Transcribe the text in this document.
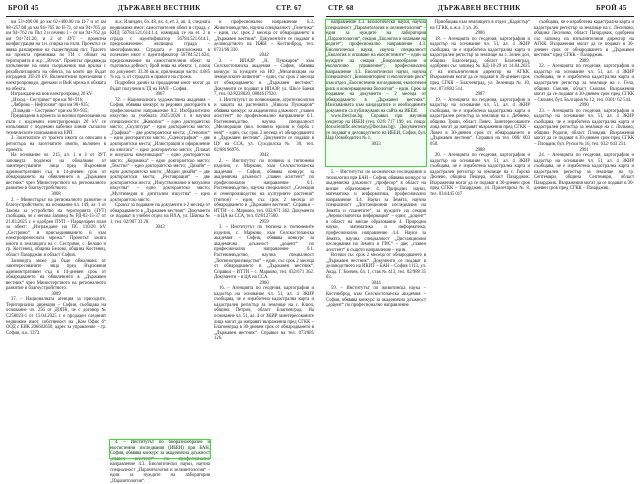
БРОЙ 45	ДЪРЖАВЕН ВЕСТНИК	СТР. 67

км 53+400.00 до км 62+400.00 по II-7 и от км 88+257.68 до км 94+765 по II-71, от км 94+765 до км 94+762 по Път 2 и сечени 1 – от км 94+762 до км 94+741.20, и 2 от ЗУТ – проектна конфигурация на т.н. спирка на пътя. Проектът се явява разширение на съществуващ път. Трасето на проекта преминава по ГИ с обхват на територията в ж.р. „Изток“. Проектът предвижда изпълнение на нови съоръжения във връзка с рехабилитацията на обекта, на които ще бъдат изградени ЗП-20 kV. Включително пресичания с електропроводи, дренажи и ВиК мрежа в обхвата на обекта.

Изграждане на нов електропровод 20 kV.

„Изход – Сестримо“ при км 90+916;

„Ляброво – Нефтохим“ при км 90+935;

„Пловдив – Сестримо“ при км 90+935;

Предвидени в проекта за всички пресичания на пътя с надземни електропроводи 20 kV се изпълняват с подземни кабелни линии съгласно техническите изисквания на ЕРП.

3. Засегнатите от трасето имоти са описани в регистъра на засегнатите имоти, включен в проекта.

На основание чл. 215, ал. 1 и 4 от ЗУТ заповедта подлежи на обжалване от заинтересуваните лица пред Върховния административен съд в 14-дневен срок от обнародването на обявлението в „Държавен вестник“ чрез Министерството на регионалното развитие и благоустройството.

3008

2. – Министърът на регионалното развитие и благоустройството, на основание чл. 149, ал. 1 от Закона за устройство на територията (ЗУТ) съобщава, че с негова Заповед № РД-02-15-37 от 21.03.2025 г. е одобрен ПУП – Парцеларен план за обект: „Изграждане на ПС 110/20 kV „Сестримо“ и присъединяването ѝ към електропреносната мрежа.“ Проектът засяга имоти в землищата на с. Сестримо, с. Белово и гр. Костенец, община Белово, община Костенец, област Пазарджик и област София.

Заповедта може да бъде обжалвана от заинтересованите лица пред Върховния административен съд в 14-дневен срок от обнародването на обявлението в „Държавен вестник“ чрез Министерството на регионалното развитие и благоустройството.

3009

37. – Националната агенция за приходите, Териториална дирекция – София, съобщава на основание чл. 256 от ДОПК, че с договор № С250023-1 от 15.04.2025 г. е продаден следният недвижим имот, собственост на „Ком Офис 6“ ООД с ЕИК 206602650, адрес за управление – гр. София, п.к. 1373.

ж.к. Илинден, бл. 48, вх. 4, ет. 2, ап. 4, следната недвижима имот: самостоятелен обект в сграда, с КИД 56784.521.614.1.4, намиращ се на ет. 2 в сграда с идентификатор 56784.521.614.1, предназначение: жилищна сграда – многофамилна. Сградата е разположена в поземлен имот с идентификатор 56784.521.624; предназначение на самостоятелния обект: за търговска дейност, брой нива на обекта: 1, площ по документ: 33.30 кв.м, прилежащи части: 4.685 % ид. ч. от сградата и правото на строеж.

Подробни данни за продадения имот могат да бъдат получени в ТД на НАП – София.

3007

72. – Националната художествена академия – София, обявява конкурс за редовни докторанти в професионално направление 8.2. Изобразително изкуство за учебната 2025/2026 г. в научни специалности: „Живопис“ – едно докторантско място; „Скулптура“ – едно докторантско място; „Графика“ – две докторантски места; „Стенопис“ – едно докторантско място; „Сценография“ – две докторантски места; „Илюстрация и оформление на книгата“ – едно докторантско място; „Плакат и визуална комуникация“ – едно докторантско място; „Керамика“ – едно докторантско място; „Текстил“ – едно докторантско място; „Дизайн“ – едно докторантско място; „Моден дизайн“ – две докторантски места; „Реставрация“ – две докторантски места; „Изкуствознание и визуални изкуства“ – едно докторантско място; „Мултимедия и дигитални изкуства“ – едно докторантско място.

Срокът за подаване на документи е 2 месеца от обнародването в „Държавен вестник“. Документи се подават в учебен отдел на НХА, ул. Шипка № 1, тел. 02/987 33 28.

3043

4. – Институтът по биоразнообразие и екосистемни изследвания (ИБЕИ) при БАН, София, обявява конкурс за академична длъжност „главен асистент“ по професионално направление 4.3. Биологически науки, научна специалност „Паразитология и хелминтология“ – един за нуждите на лаборатория „Паразитология“.

и професионално направление 6.3. Животновъдство, научна специалност „Генетика“ – един, със срок 2 месеца от обнародването в „Държавен вестник“. Документите се подават в деловодството на ИЖН – Костинброд, тел. 0721/68 330.

2042

2. – ИПАЗР „Н. Пушкаров“ към Селскостопанска академия – София, обявява конкурс за нуждите на НО „Механизация на земеделските животни“ – един, със срок 2 месеца от обнародването в „Държавен вестник“. Документи се подават в ИПАЗР, ул. Шосе Банкя 7, тел. 02/8228020, 0884617920.

1. Институтът по почвознание, агротехнологии и защита на растенията „Никола Пушкаров“ обявява конкурс за академична длъжност „главен асистент“ по професионално направление 6.1. Растениевъдство, научна специалност „Мелиорации (вкл. почвена ерозия и борба с нея)“ – един, със срок 2 месеца от обнародването в „Държавен вестник“. Документи се подават в ЦУ на ССА, ул. Суходолска № 30, тел. 02/88196976.

3042

2. – Институтът по почвена и тютюневи изделия, с. Марково, към Селскостопанска академия – София, обявява конкурс за академична длъжност „главен асистент“ по професионално направление 6.1. Растениевъдство, научна специалност „Селекция и семепроизводство на културните растения“ (тютюн) – един, със срок 2 месеца от обнародването в „Държавен вестник“. Справки – ИТТИ – с. Марково, тел. 032/671 362. Документи – в ЦА на ССА, тел. 02/8127560.

2959

3. – Институтът по тютюна и тютюневите изделия, с. Марково, към Селскостопанска академия – София, обявява конкурс за академична длъжност „доцент“ по професионално направление 6.1. Растениевъдство, научна специалност „Тютюнопроизводство“ – един, със срок 2 месеца от обнародването в „Държавен вестник“. Справки – ИТТИ – с. Марково, тел. 032/671 362. Документи – в ЦА на ССА.

2960

16. – Агенцията по геодезия, картография и кадастър на основание чл. 51, ал. 4 ЗКИР съобщава, че е изработена кадастрална карта и кадастрален регистър за землище на с. Ключ, община Петрич, област Благоевград. На основание чл. 51, ал. 4 от ЗКИР заинтересованите лица могат да направят възражения пред СГКК – Благоевград в 30-дневен срок от обнародването в „Държавен вестник“. Справки на тел. 073/885 126.

СТР. 68	ДЪРЖАВЕН ВЕСТНИК	БРОЙ 45

направление 4.3. Биологически науки, научна специалност „Паразитология и хелминтология“ – един за нуждите на лаборатория „Паразитология“, секция „Екология и опазване на водите“; професионално направление 4.3. Биологически науки, научна специалност „Екология и опазване на екосистемите“ – един за нуждите на секция „Биоразнообразие и екологично управление“; професионално направление 4.3. Биологически науки, научна специалност „Биомониторинг и екологичен риск“ към отдел „Екосистемни изследвания, екологичен риск и консервационна биология“ – един. Срок за подаване на документи – 2 месеца от обнародването в „Държавен вестник“. Изискванията към кандидатите и необходимите документи са публикувани на сайта на ИБЕИ.

www.iber.bas.bg. Справки при научния секретар на ИБЕИ (тел. 02/8 717 190, ел. поща: dor.scientific.secretary@iber.bas.bg). Документите се подават в деловодството на ИБЕИ, София, бул. Цар Освободител № 1.

3033

5. – Институтът по космически изследвания и технологии при БАН – София, обявява конкурс за академична длъжност „професор“ в област на висше образование 4. Природни науки, математика и информатика, професионално направление 4.4. Науки за Земята, научна специалност „Дистанционни изследвания на Земята и планетите“, за нуждите на секция „Аерокосмическа информация“ – един; „доцент“ в област на висше образование 4. Природни науки, математика и информатика, професионално направление 4.4. Науки за Земята, научна специалност „Дистанционни изследвания на Земята и ГИС“ – две; „главен асистент“ в същото направление – един.

Всички със срок 2 месеца от обнародването в „Държавен вестник“. Документи се подават в деловодството на ИКИТ – БАН – София 1113, ул. Акад. Г. Бончев, бл. 1, стая № 413, тел. 02/988 35 03.

3044

59. – Институтът по животинска наука – Костинброд, към Селскостопанска академия – София, обявява конкурс за академична длъжност „доцент“ по професионално направление

Приобщава към землището в отдел „Кадастър“ на СГКК, к.ж.л. 1 ул. 26.

2986

18. – Агенцията по геодезия, картография и кадастър на основание чл. 51, ал. 4 ЗКИР съобщава, че е изработена кадастрална карта и кадастрален регистър за землище на с. Зелен дол, община Благоевград, област Благоевград, одобрени със заповед № КД-18-29 от 14.04.2025 г. на изпълнителния директор на АГКК. Възражения могат да се подават в 30-дневен срок пред СГКК – Благоевград, ул. Зеленица № 10, тел. 073/882 514.

2987

19. – Агенцията по геодезия, картография и кадастър на основание чл. 51, ал. 4 ЗКИР съобщава, че е изработена кадастрална карта и кадастрален регистър за землище на с. Дебнево, община Троян, област Ловеч. Заинтересованите лица могат да направят възражения пред СГКК – Ловеч в 30-дневен срок от обнародването в „Държавен вестник“. Справки на тел. 068/ 603 050.

2988

20. – Агенцията по геодезия, картография и кадастър на основание чл. 51, ал. 4 ЗКИР съобщава, че е изработена кадастрална карта и кадастрален регистър за землище на с. Горско Дюлево, община Пещера, област Пазарджик. Възражения могат да се подават в 30-дневен срок пред СГКК – Пазарджик, ул. Пролетарска № 8, тел. 034/445 017.

съобщава, че е изработена кадастрална карта и кадастрален регистър за землище на с. Лесичово, община Лесичово, област Пазарджик, одобрени със заповед на изпълнителния директор на АГКК. Възражения могат да се подават в 30-дневен срок от обнародването в „Държавен вестник“ пред СГКК – Пазарджик.

2989

22. – Агенцията по геодезия, картография и кадастър на основание чл. 51, ал. 4 ЗКИР съобщава, че е изработена кадастрална карта и кадастрален регистър за землище на с. Гела, община Смолян, област Смолян. Възражения могат да се подават в 30-дневен срок пред СГКК – Смолян, бул. България № 12, тел. 0301/ 62 544.

2990

23. – Агенцията по геодезия, картография и кадастър на основание чл. 51, ал. 4 ЗКИР съобщава, че е изработена кадастрална карта и кадастрален регистър за землище на с. Лилково, община Родопи, област Пловдив. Възражения могат да се подават в 30-дневен срок пред СГКК – Пловдив, бул. Руски № 16, тел. 032/ 643 231.

2991

24. – Агенцията по геодезия, картография и кадастър на основание чл. 51, ал. 4 ЗКИР съобщава, че е изработена кадастрална карта и кадастрален регистър за землище на гр. Септември, община Септември, област Пазарджик. Възражения могат да се подават в 30-дневен срок пред СГКК – Пазарджик.
